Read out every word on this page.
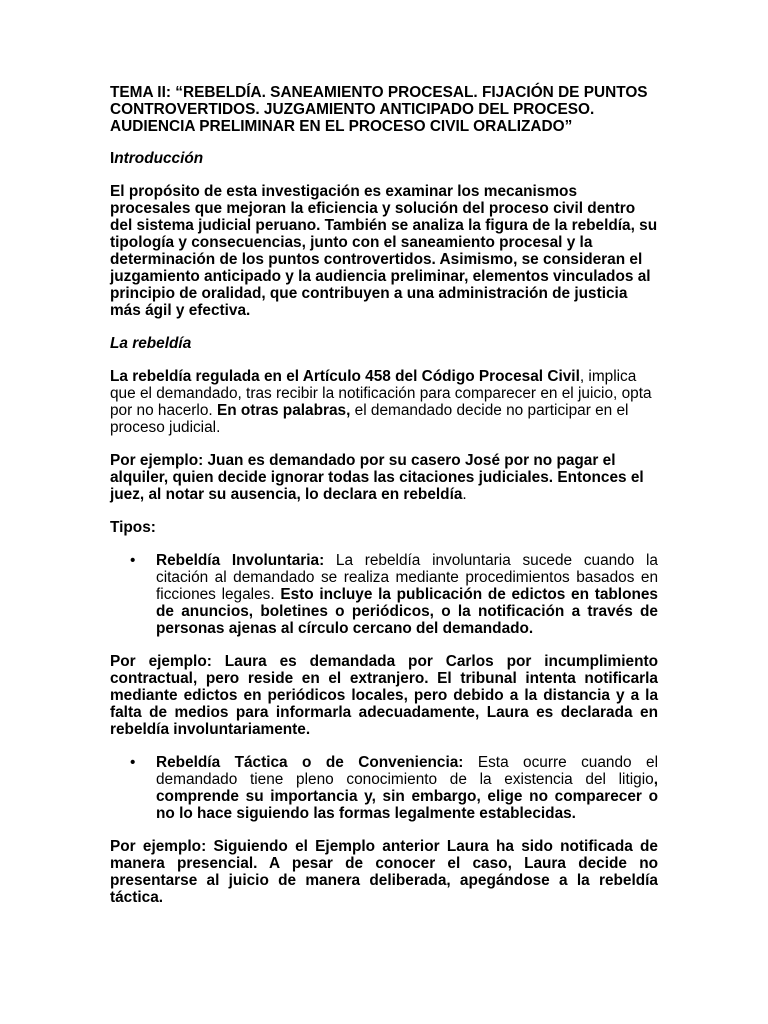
TEMA II: “REBELDÍA. SANEAMIENTO PROCESAL. FIJACIÓN DE PUNTOS CONTROVERTIDOS. JUZGAMIENTO ANTICIPADO DEL PROCESO. AUDIENCIA PRELIMINAR EN EL PROCESO CIVIL ORALIZADO”
Introducción

El propósito de esta investigación es examinar los mecanismos procesales que mejoran la eficiencia y solución del proceso civil dentro del sistema judicial peruano. También se analiza la figura de la rebeldía, su tipología y consecuencias, junto con el saneamiento procesal y la determinación de los puntos controvertidos. Asimismo, se consideran el juzgamiento anticipado y la audiencia preliminar, elementos vinculados al principio de oralidad, que contribuyen a una administración de justicia más ágil y efectiva.

La rebeldía

La rebeldía regulada en el Artículo 458 del Código Procesal Civil, implica que el demandado, tras recibir la notificación para comparecer en el juicio, opta por no hacerlo. En otras palabras, el demandado decide no participar en el proceso judicial.

Por ejemplo: Juan es demandado por su casero José por no pagar el alquiler, quien decide ignorar todas las citaciones judiciales. Entonces el juez, al notar su ausencia, lo declara en rebeldía.

Tipos:

• Rebeldía Involuntaria: La rebeldía involuntaria sucede cuando la citación al demandado se realiza mediante procedimientos basados en ficciones legales. Esto incluye la publicación de edictos en tablones de anuncios, boletines o periódicos, o la notificación a través de personas ajenas al círculo cercano del demandado.

Por ejemplo: Laura es demandada por Carlos por incumplimiento contractual, pero reside en el extranjero. El tribunal intenta notificarla mediante edictos en periódicos locales, pero debido a la distancia y a la falta de medios para informarla adecuadamente, Laura es declarada en rebeldía involuntariamente.

• Rebeldía Táctica o de Conveniencia: Esta ocurre cuando el demandado tiene pleno conocimiento de la existencia del litigio, comprende su importancia y, sin embargo, elige no comparecer o no lo hace siguiendo las formas legalmente establecidas.

Por ejemplo: Siguiendo el Ejemplo anterior Laura ha sido notificada de manera presencial. A pesar de conocer el caso, Laura decide no presentarse al juicio de manera deliberada, apegándose a la rebeldía táctica.
